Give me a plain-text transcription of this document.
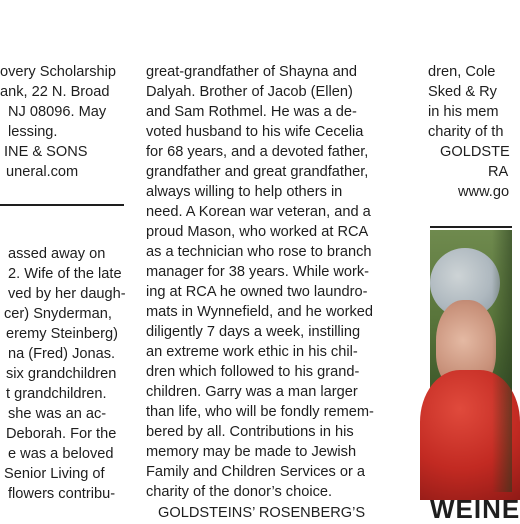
overy Scholarship
ank, 22 N. Broad
NJ 08096. May
lessing.
INE & SONS
uneral.com
assed away on
2. Wife of the late
ved by her daugh-
cer) Snyderman,
eremy Steinberg)
na (Fred) Jonas.
six grandchildren
t grandchildren.
she was an ac-
Deborah. For the
e was a beloved
Senior Living of
flowers contribu-
great-grandfather of Shayna and
Dalyah. Brother of Jacob (Ellen)
and Sam Rothmel. He was a de-
voted husband to his wife Cecelia
for 68 years, and a devoted father,
grandfather and great grandfather,
always willing to help others in
need. A Korean war veteran, and a
proud Mason, who worked at RCA
as a technician who rose to branch
manager for 38 years. While work-
ing at RCA he owned two laundro-
mats in Wynnefield, and he worked
diligently 7 days a week, instilling
an extreme work ethic in his chil-
dren which followed to his grand-
children. Garry was a man larger
than life, who will be fondly remem-
bered by all. Contributions in his
memory may be made to Jewish
Family and Children Services or a
charity of the donor’s choice.
GOLDSTEINS’ ROSENBERG’S
dren, Cole
Sked & Ry
in his mem
charity of th
GOLDSTE
RA
www.go
WEINE
